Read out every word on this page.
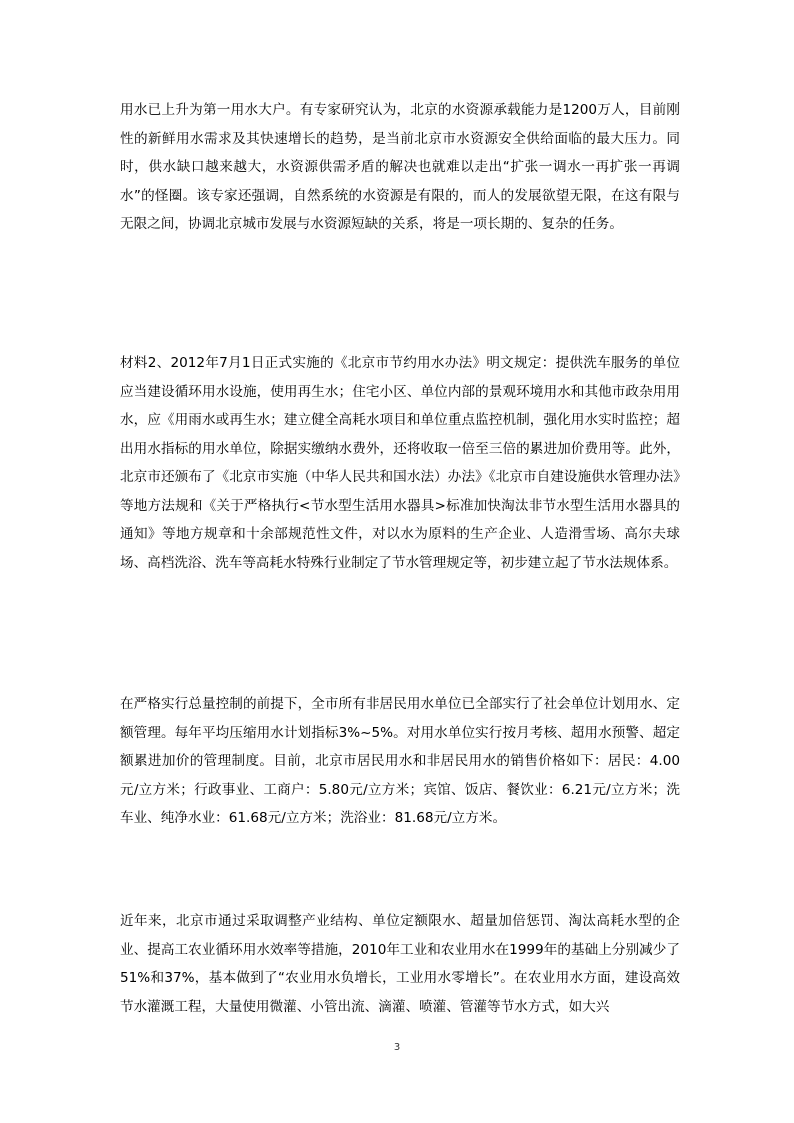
用水已上升为第一用水大户。有专家研究认为，北京的水资源承载能力是1200万人，目前刚性的新鲜用水需求及其快速增长的趋势，是当前北京市水资源安全供给面临的最大压力。同时，供水缺口越来越大，水资源供需矛盾的解决也就难以走出“扩张一调水一再扩张一再调水”的怪圈。该专家还强调，自然系统的水资源是有限的，而人的发展欲望无限，在这有限与无限之间，协调北京城市发展与水资源短缺的关系，将是一项长期的、复杂的任务。

材料2、2012年7月1日正式实施的《北京市节约用水办法》明文规定：提供洗车服务的单位应当建设循环用水设施，使用再生水；住宅小区、单位内部的景观环境用水和其他市政杂用用水，应《用雨水或再生水；建立健全高耗水项目和单位重点监控机制，强化用水实时监控；超出用水指标的用水单位，除据实缴纳水费外，还将收取一倍至三倍的累进加价费用等。此外，北京市还颁布了《北京市实施（中华人民共和国水法）办法》《北京市自建设施供水管理办法》等地方法规和《关于严格执行<节水型生活用水器具>标准加快淘汰非节水型生活用水器具的通知》等地方规章和十余部规范性文件，对以水为原料的生产企业、人造滑雪场、高尔夫球场、高档洗浴、洗车等高耗水特殊行业制定了节水管理规定等，初步建立起了节水法规体系。

在严格实行总量控制的前提下，全市所有非居民用水单位已全部实行了社会单位计划用水、定额管理。每年平均压缩用水计划指标3%~5%。对用水单位实行按月考核、超用水预警、超定额累进加价的管理制度。目前，北京市居民用水和非居民用水的销售价格如下：居民：4.00元/立方米；行政事业、工商户：5.80元/立方米；宾馆、饭店、餐饮业：6.21元/立方米；洗车业、纯净水业：61.68元/立方米；洗浴业：81.68元/立方米。

近年来，北京市通过采取调整产业结构、单位定额限水、超量加倍惩罚、淘汰高耗水型的企业、提高工农业循环用水效率等措施，2010年工业和农业用水在1999年的基础上分别减少了51%和37%，基本做到了“农业用水负增长，工业用水零增长”。在农业用水方面，建设高效节水灌溉工程，大量使用微灌、小管出流、滴灌、喷灌、管灌等节水方式，如大兴

3
